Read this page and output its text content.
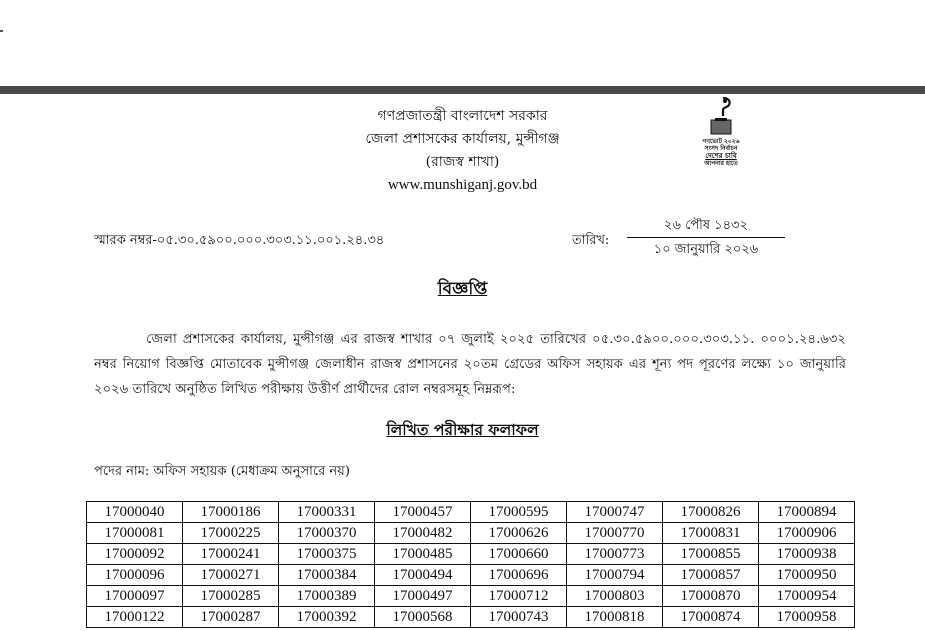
গণপ্রজাতন্ত্রী বাংলাদেশ সরকার
জেলা প্রশাসকের কার্যালয়, মুন্সীগঞ্জ
(রাজস্ব শাখা)
www.munshiganj.gov.bd
গণভোট ২০২৬
সংসদ নির্বাচন
দেশের চাবি
আপনার হাতে
স্মারক নম্বর-০৫.৩০.৫৯০০.০০০.৩০৩.১১.০০১.২৪.৩৪	তারিখ:
২৬ পৌষ ১৪৩২
১০ জানুয়ারি ২০২৬
বিজ্ঞপ্তি
জেলা প্রশাসকের কার্যালয়, মুন্সীগঞ্জ এর রাজস্ব শাখার ০৭ জুলাই ২০২৫ তারিখের ০৫.৩০.৫৯০০.০০০.৩০৩.১১. ০০০১.২৪.৬৩২ নম্বর নিয়োগ বিজ্ঞপ্তি মোতাবেক মুন্সীগঞ্জ জেলাধীন রাজস্ব প্রশাসনের ২০তম গ্রেডের অফিস সহায়ক এর শূন্য পদ পূরণের লক্ষ্যে ১০ জানুয়ারি ২০২৬ তারিখে অনুষ্ঠিত লিখিত পরীক্ষায় উত্তীর্ণ প্রার্থীদের রোল নম্বরসমূহ নিম্নরূপ:
লিখিত পরীক্ষার ফলাফল
পদের নাম: অফিস সহায়ক (মেধাক্রম অনুসারে নয়)
17000040	17000186	17000331	17000457	17000595	17000747	17000826	17000894
17000081	17000225	17000370	17000482	17000626	17000770	17000831	17000906
17000092	17000241	17000375	17000485	17000660	17000773	17000855	17000938
17000096	17000271	17000384	17000494	17000696	17000794	17000857	17000950
17000097	17000285	17000389	17000497	17000712	17000803	17000870	17000954
17000122	17000287	17000392	17000568	17000743	17000818	17000874	17000958
